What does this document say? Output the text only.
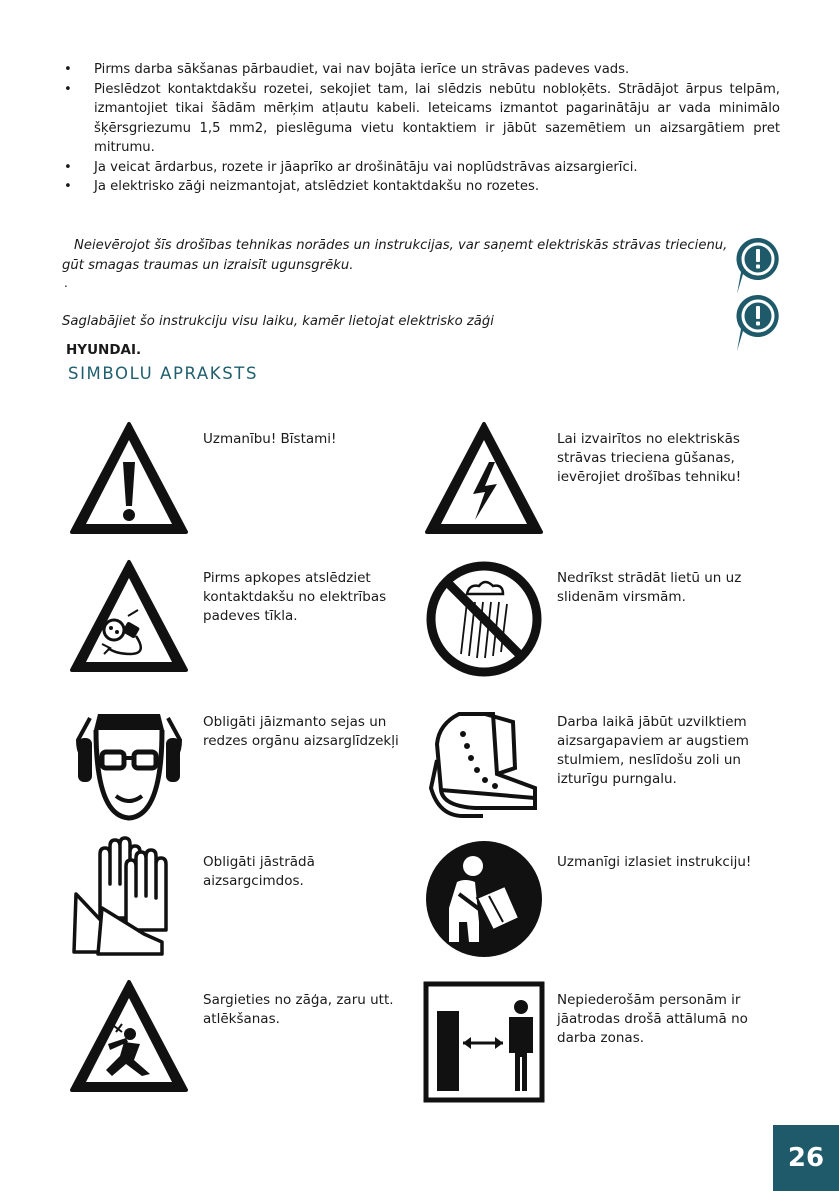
• Pirms darba sākšanas pārbaudiet, vai nav bojāta ierīce un strāvas padeves vads.
• Pieslēdzot kontaktdakšu rozetei, sekojiet tam, lai slēdzis nebūtu nobloķēts. Strādājot ārpus telpām, izmantojiet tikai šādām mērķim atļautu kabeli. Ieteicams izmantot pagarinātāju ar vada minimālo šķērsgriezumu 1,5 mm2, pieslēguma vietu kontaktiem ir jābūt sazemētiem un aizsargātiem pret mitrumu.
• Ja veicat ārdarbus, rozete ir jāaprīko ar drošinātāju vai noplūdstrāvas aizsargierīci.
• Ja elektrisko zāģi neizmantojat, atslēdziet kontaktdakšu no rozetes.
Neievērojot šīs drošības tehnikas norādes un instrukcijas, var saņemt elektriskās strāvas triecienu, gūt smagas traumas un izraisīt ugunsgrēku.
.
Saglabājiet šo instrukciju visu laiku, kamēr lietojat elektrisko zāģi
HYUNDAI.
SIMBOLU APRAKSTS
Uzmanību! Bīstami!	Lai izvairītos no elektriskās strāvas trieciena gūšanas, ievērojiet drošības tehniku!
Pirms apkopes atslēdziet kontaktdakšu no elektrības padeves tīkla.
Nedrīkst strādāt lietū un uz slidenām virsmām.
Obligāti jāizmanto sejas un redzes orgānu aizsarglīdzekļi
Darba laikā jābūt uzvilktiem aizsargapaviem ar augstiem stulmiem, neslīdošu zoli un izturīgu purngalu.
Obligāti jāstrādā aizsargcimdos.
Uzmanīgi izlasiet instrukciju!
Sargieties no zāģa, zaru utt. atlēkšanas.
Nepiederošām personām ir jāatrodas drošā attālumā no darba zonas.
26
